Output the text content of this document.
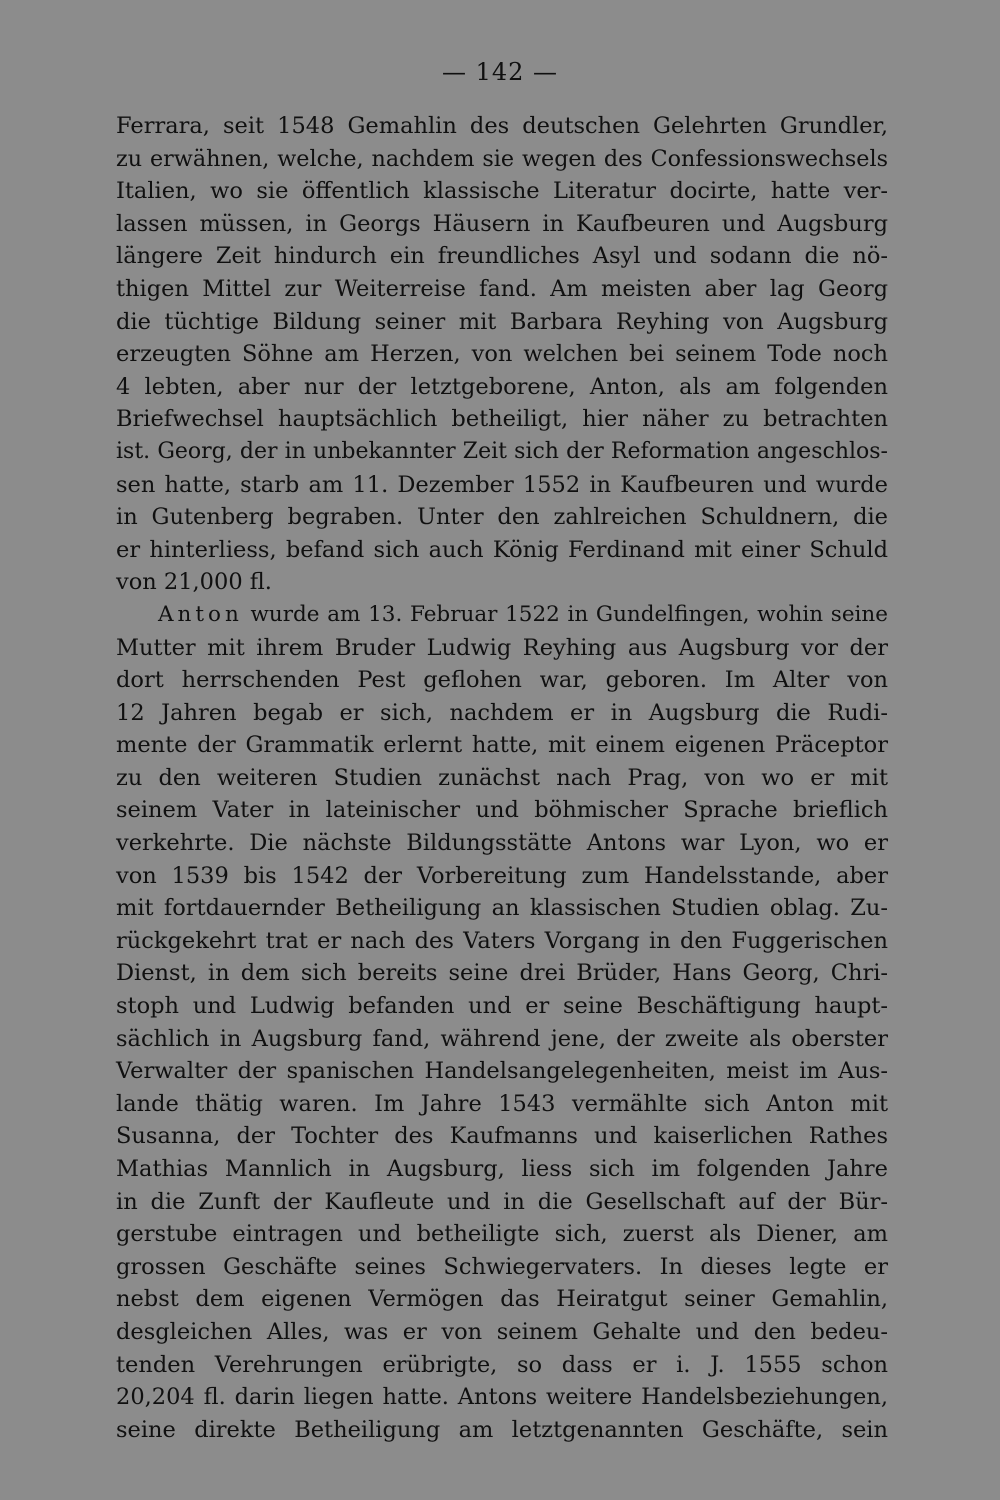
— 142 —
Ferrara, seit 1548 Gemahlin des deutschen Gelehrten Grundler,
zu erwähnen, welche, nachdem sie wegen des Confessionswechsels
Italien, wo sie öffentlich klassische Literatur docirte, hatte ver-
lassen müssen, in Georgs Häusern in Kaufbeuren und Augsburg
längere Zeit hindurch ein freundliches Asyl und sodann die nö-
thigen Mittel zur Weiterreise fand. Am meisten aber lag Georg
die tüchtige Bildung seiner mit Barbara Reyhing von Augsburg
erzeugten Söhne am Herzen, von welchen bei seinem Tode noch
4 lebten, aber nur der letztgeborene, Anton, als am folgenden
Briefwechsel hauptsächlich betheiligt, hier näher zu betrachten
ist. Georg, der in unbekannter Zeit sich der Reformation angeschlos-
sen hatte, starb am 11. Dezember 1552 in Kaufbeuren und wurde
in Gutenberg begraben. Unter den zahlreichen Schuldnern, die
er hinterliess, befand sich auch König Ferdinand mit einer Schuld
von 21,000 fl.
Anton wurde am 13. Februar 1522 in Gundelfingen, wohin seine
Mutter mit ihrem Bruder Ludwig Reyhing aus Augsburg vor der
dort herrschenden Pest geflohen war, geboren. Im Alter von
12 Jahren begab er sich, nachdem er in Augsburg die Rudi-
mente der Grammatik erlernt hatte, mit einem eigenen Präceptor
zu den weiteren Studien zunächst nach Prag, von wo er mit
seinem Vater in lateinischer und böhmischer Sprache brieflich
verkehrte. Die nächste Bildungsstätte Antons war Lyon, wo er
von 1539 bis 1542 der Vorbereitung zum Handelsstande, aber
mit fortdauernder Betheiligung an klassischen Studien oblag. Zu-
rückgekehrt trat er nach des Vaters Vorgang in den Fuggerischen
Dienst, in dem sich bereits seine drei Brüder, Hans Georg, Chri-
stoph und Ludwig befanden und er seine Beschäftigung haupt-
sächlich in Augsburg fand, während jene, der zweite als oberster
Verwalter der spanischen Handelsangelegenheiten, meist im Aus-
lande thätig waren. Im Jahre 1543 vermählte sich Anton mit
Susanna, der Tochter des Kaufmanns und kaiserlichen Rathes
Mathias Mannlich in Augsburg, liess sich im folgenden Jahre
in die Zunft der Kaufleute und in die Gesellschaft auf der Bür-
gerstube eintragen und betheiligte sich, zuerst als Diener, am
grossen Geschäfte seines Schwiegervaters. In dieses legte er
nebst dem eigenen Vermögen das Heiratgut seiner Gemahlin,
desgleichen Alles, was er von seinem Gehalte und den bedeu-
tenden Verehrungen erübrigte, so dass er i. J. 1555 schon
20,204 fl. darin liegen hatte. Antons weitere Handelsbeziehungen,
seine direkte Betheiligung am letztgenannten Geschäfte, sein
